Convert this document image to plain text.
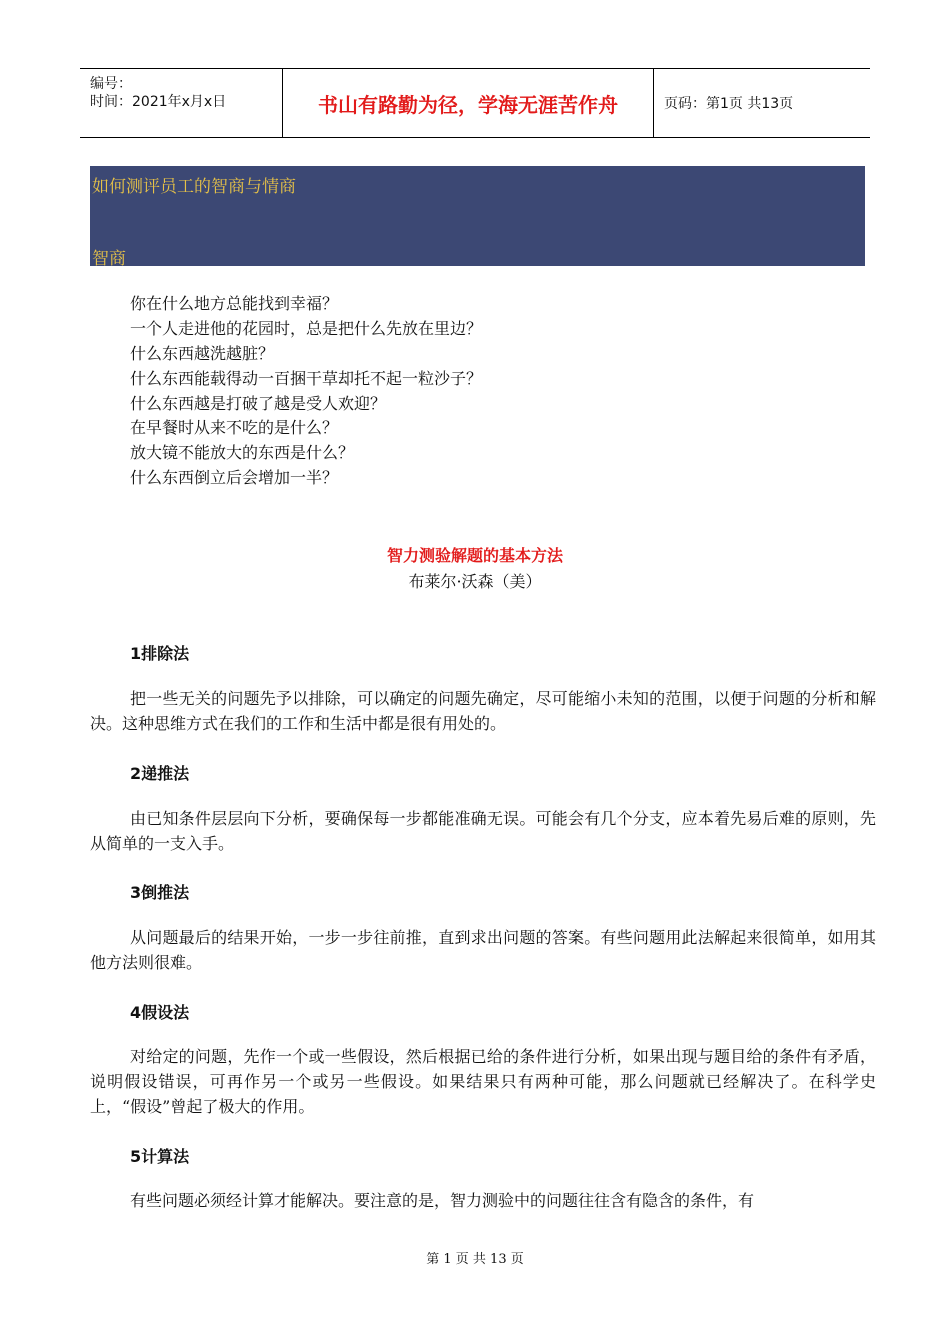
编号：
时间：2021年x月x日	书山有路勤为径，学海无涯苦作舟	页码：第1页 共13页
如何测评员工的智商与情商
智商
你在什么地方总能找到幸福？
一个人走进他的花园时，总是把什么先放在里边？
什么东西越洗越脏？
什么东西能载得动一百捆干草却托不起一粒沙子？
什么东西越是打破了越是受人欢迎？
在早餐时从来不吃的是什么？
放大镜不能放大的东西是什么？
什么东西倒立后会增加一半？
智力测验解题的基本方法
布莱尔·沃森（美）
1排除法

把一些无关的问题先予以排除，可以确定的问题先确定，尽可能缩小未知的范围，以便于问题的分析和解决。这种思维方式在我们的工作和生活中都是很有用处的。

2递推法

由已知条件层层向下分析，要确保每一步都能准确无误。可能会有几个分支，应本着先易后难的原则，先从简单的一支入手。

3倒推法

从问题最后的结果开始，一步一步往前推，直到求出问题的答案。有些问题用此法解起来很简单，如用其他方法则很难。

4假设法

对给定的问题，先作一个或一些假设，然后根据已给的条件进行分析，如果出现与题目给的条件有矛盾，说明假设错误，可再作另一个或另一些假设。如果结果只有两种可能，那么问题就已经解决了。在科学史上，“假设”曾起了极大的作用。

5计算法

有些问题必须经计算才能解决。要注意的是，智力测验中的问题往往含有隐含的条件，有

第 1 页 共 13 页
